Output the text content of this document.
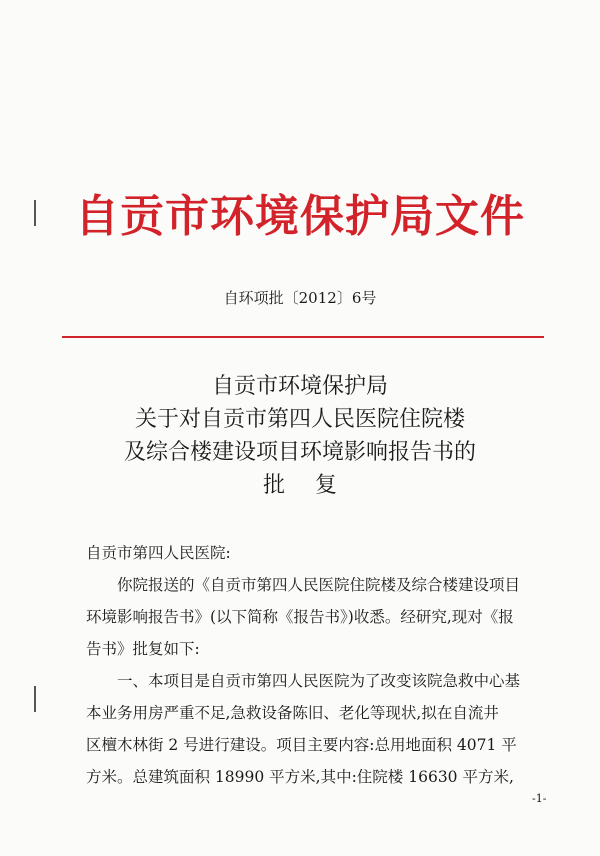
自贡市环境保护局文件
自环项批〔2012〕6号
自贡市环境保护局
关于对自贡市第四人民医院住院楼
及综合楼建设项目环境影响报告书的
批复
自贡市第四人民医院:
你院报送的《自贡市第四人民医院住院楼及综合楼建设项目
环境影响报告书》(以下简称《报告书》)收悉。经研究,现对《报
告书》批复如下:
一、本项目是自贡市第四人民医院为了改变该院急救中心基
本业务用房严重不足,急救设备陈旧、老化等现状,拟在自流井
区檀木林街 2 号进行建设。项目主要内容:总用地面积 4071 平
方米。总建筑面积 18990 平方米,其中:住院楼 16630 平方米,
-1-
